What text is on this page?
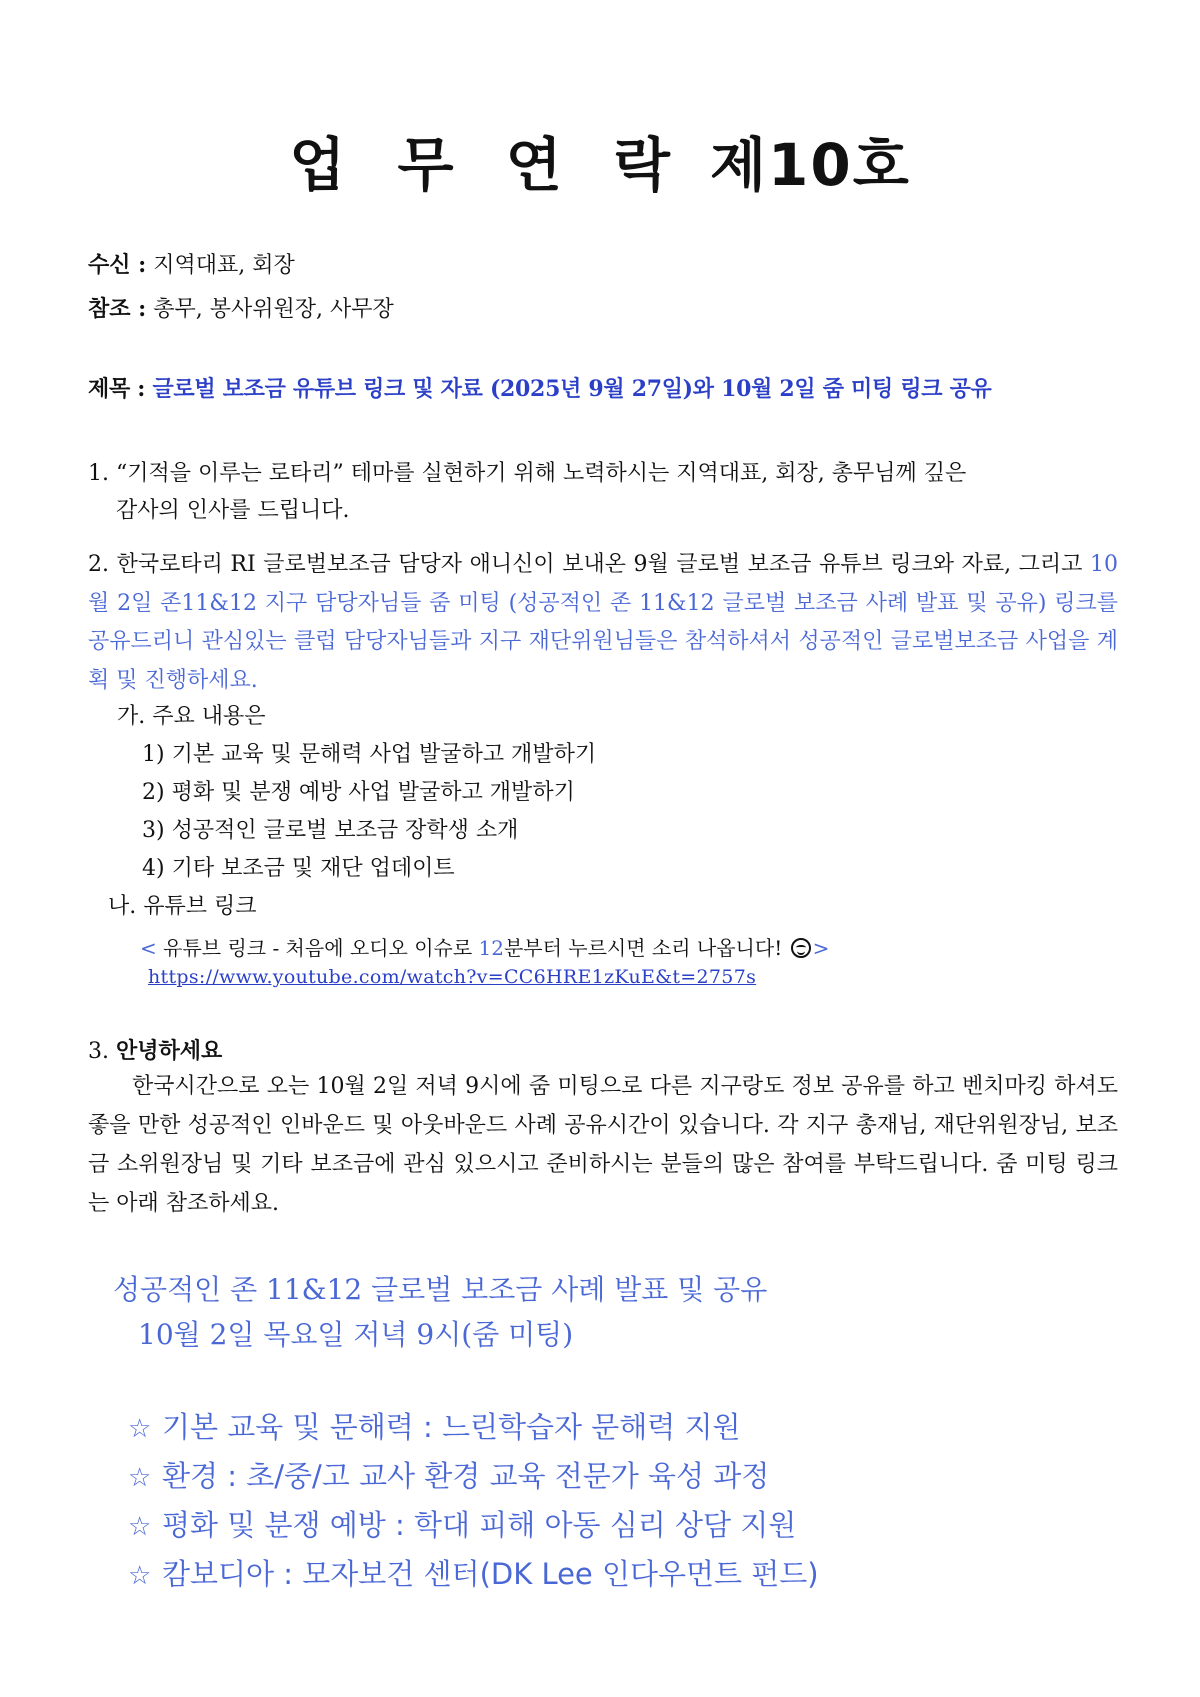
업 무 연 락 제10호
수신 : 지역대표, 회장
참조 : 총무, 봉사위원장, 사무장
제목 : 글로벌 보조금 유튜브 링크 및 자료 (2025년 9월 27일)와 10월 2일 줌 미팅 링크 공유
1. “기적을 이루는 로타리” 테마를 실현하기 위해 노력하시는 지역대표, 회장, 총무님께 깊은
감사의 인사를 드립니다.
2. 한국로타리 RI 글로벌보조금 담당자 애니신이 보내온 9월 글로벌 보조금 유튜브 링크와 자료, 그리고 10월 2일 존11&12 지구 담당자님들 줌 미팅 (성공적인 존 11&12 글로벌 보조금 사례 발표 및 공유) 링크를 공유드리니 관심있는 클럽 담당자님들과 지구 재단위원님들은 참석하셔서 성공적인 글로벌보조금 사업을 계획 및 진행하세요.
가. 주요 내용은
1) 기본 교육 및 문해력 사업 발굴하고 개발하기
2) 평화 및 분쟁 예방 사업 발굴하고 개발하기
3) 성공적인 글로벌 보조금 장학생 소개
4) 기타 보조금 및 재단 업데이트
나. 유튜브 링크
< 유튜브 링크 - 처음에 오디오 이슈로 12분부터 누르시면 소리 나옵니다! >
https://www.youtube.com/watch?v=CC6HRE1zKuE&t=2757s
3. 안녕하세요
한국시간으로 오는 10월 2일 저녁 9시에 줌 미팅으로 다른 지구랑도 정보 공유를 하고 벤치마킹 하셔도 좋을 만한 성공적인 인바운드 및 아웃바운드 사례 공유시간이 있습니다. 각 지구 총재님, 재단위원장님, 보조금 소위원장님 및 기타 보조금에 관심 있으시고 준비하시는 분들의 많은 참여를 부탁드립니다. 줌 미팅 링크는 아래 참조하세요.
성공적인 존 11&12 글로벌 보조금 사례 발표 및 공유
10월 2일 목요일 저녁 9시(줌 미팅)
☆ 기본 교육 및 문해력 : 느린학습자 문해력 지원
☆ 환경 : 초/중/고 교사 환경 교육 전문가 육성 과정
☆ 평화 및 분쟁 예방 : 학대 피해 아동 심리 상담 지원
☆ 캄보디아 : 모자보건 센터(DK Lee 인다우먼트 펀드)
